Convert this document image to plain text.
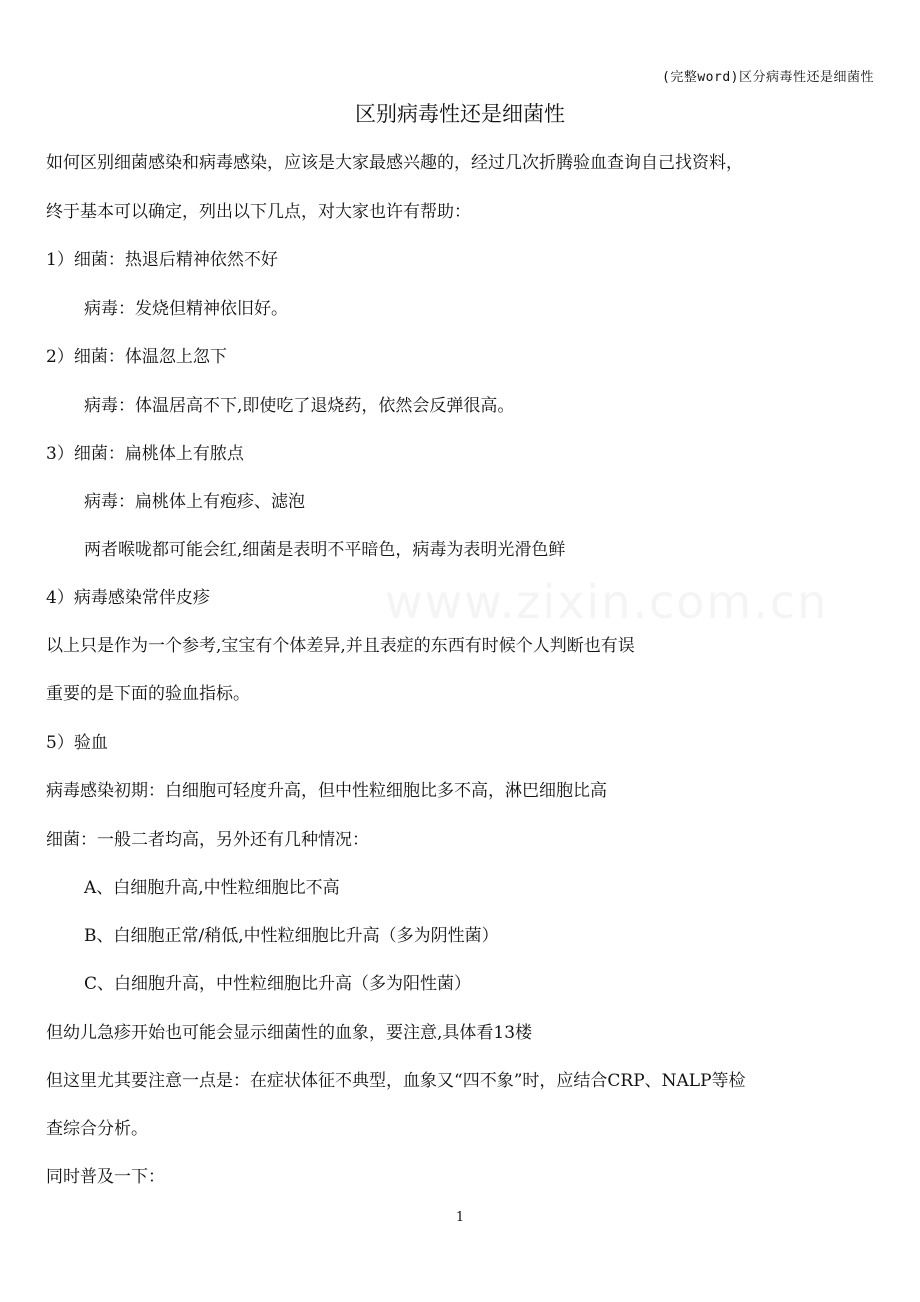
(完整word)区分病毒性还是细菌性
区别病毒性还是细菌性
如何区别细菌感染和病毒感染，应该是大家最感兴趣的，经过几次折腾验血查询自己找资料，
终于基本可以确定，列出以下几点，对大家也许有帮助：
1）细菌：热退后精神依然不好
病毒：发烧但精神依旧好。
2）细菌：体温忽上忽下
病毒：体温居高不下,即使吃了退烧药，依然会反弹很高。
3）细菌：扁桃体上有脓点
病毒：扁桃体上有疱疹、滤泡
两者喉咙都可能会红,细菌是表明不平暗色，病毒为表明光滑色鲜
4）病毒感染常伴皮疹
以上只是作为一个参考,宝宝有个体差异,并且表症的东西有时候个人判断也有误
重要的是下面的验血指标。
5）验血
病毒感染初期：白细胞可轻度升高，但中性粒细胞比多不高，淋巴细胞比高
细菌：一般二者均高，另外还有几种情况：
A、白细胞升高,中性粒细胞比不高
B、白细胞正常/稍低,中性粒细胞比升高（多为阴性菌）
C、白细胞升高，中性粒细胞比升高（多为阳性菌）
但幼儿急疹开始也可能会显示细菌性的血象，要注意,具体看13楼
但这里尤其要注意一点是：在症状体征不典型，血象又“四不象”时，应结合CRP、NALP等检
查综合分析。
同时普及一下：
1
